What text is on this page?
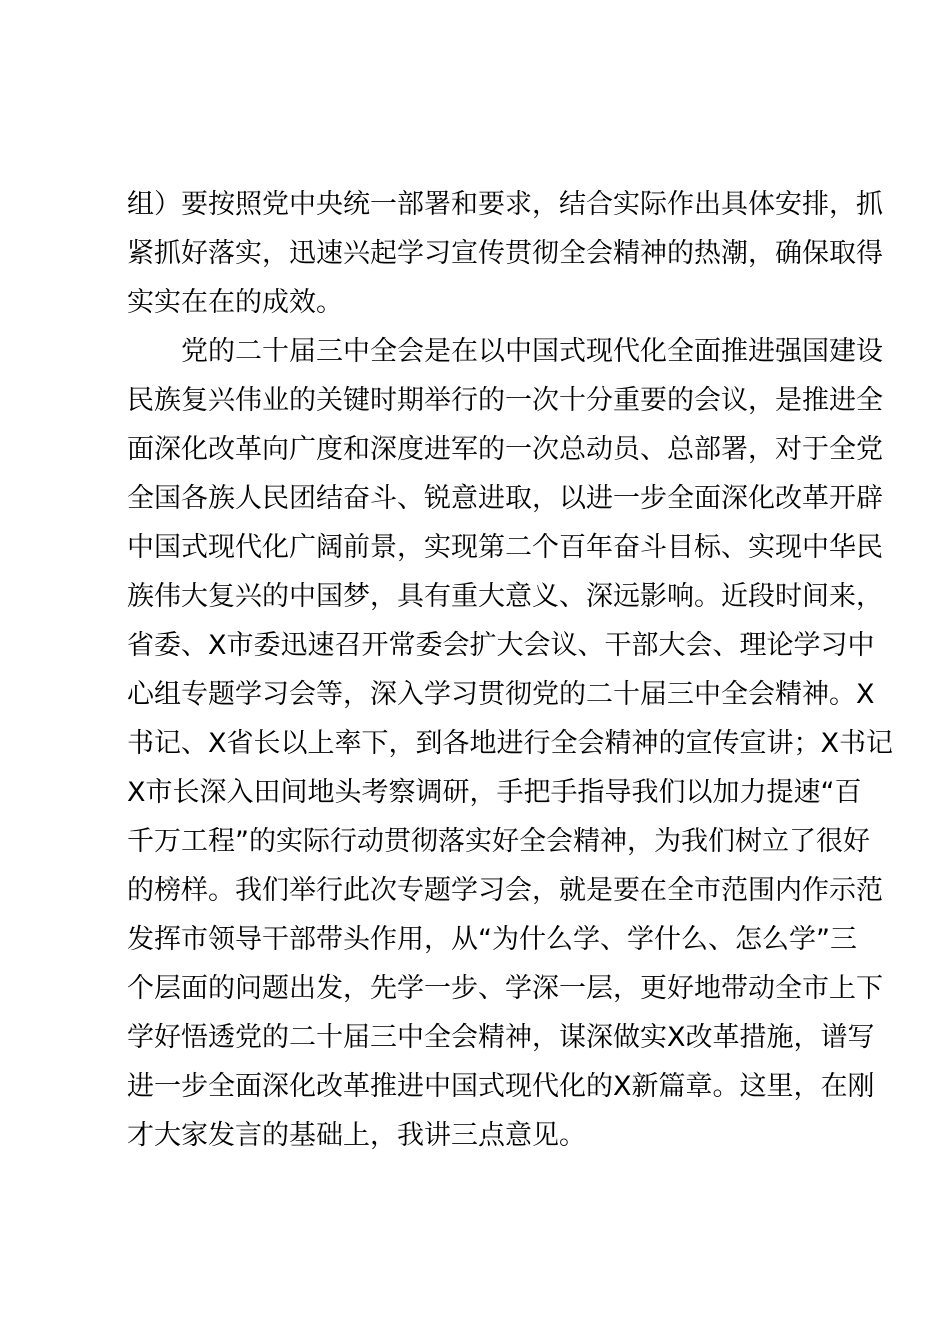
组）要按照党中央统一部署和要求，结合实际作出具体安排，抓
紧抓好落实，迅速兴起学习宣传贯彻全会精神的热潮，确保取得
实实在在的成效。
党的二十届三中全会是在以中国式现代化全面推进强国建设
民族复兴伟业的关键时期举行的一次十分重要的会议，是推进全
面深化改革向广度和深度进军的一次总动员、总部署，对于全党
全国各族人民团结奋斗、锐意进取，以进一步全面深化改革开辟
中国式现代化广阔前景，实现第二个百年奋斗目标、实现中华民
族伟大复兴的中国梦，具有重大意义、深远影响。近段时间来，
省委、X市委迅速召开常委会扩大会议、干部大会、理论学习中
心组专题学习会等，深入学习贯彻党的二十届三中全会精神。X
书记、X省长以上率下，到各地进行全会精神的宣传宣讲；X书记
X市长深入田间地头考察调研，手把手指导我们以加力提速“百
千万工程”的实际行动贯彻落实好全会精神，为我们树立了很好
的榜样。我们举行此次专题学习会，就是要在全市范围内作示范
发挥市领导干部带头作用，从“为什么学、学什么、怎么学”三
个层面的问题出发，先学一步、学深一层，更好地带动全市上下
学好悟透党的二十届三中全会精神，谋深做实X改革措施，谱写
进一步全面深化改革推进中国式现代化的X新篇章。这里，在刚
才大家发言的基础上，我讲三点意见。
